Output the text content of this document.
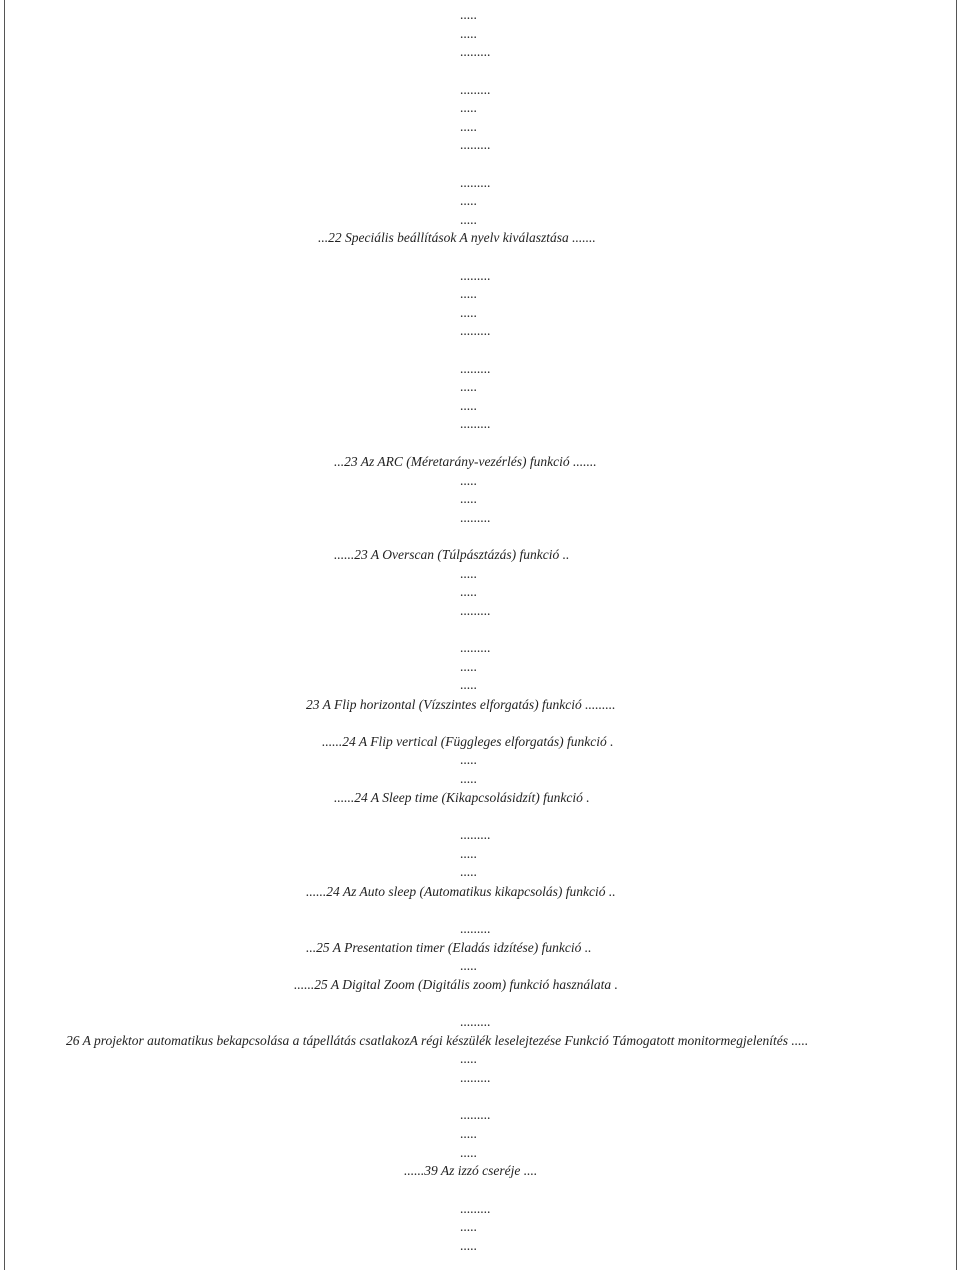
.....
.....
.........
.........
.....
.....
.........
.........
.....
.....
...22 Speciális beállítások A nyelv kiválasztása .......
.........
.....
.....
.........
.........
.....
.....
.........
...23 Az ARC (Méretarány-vezérlés) funkció .......
.....
.....
.........
......23 A Overscan (Túlpásztázás) funkció ..
.....
.....
.........
.........
.....
.....
23 A Flip horizontal (Vízszintes elforgatás) funkció .........
......24 A Flip vertical (Függleges elforgatás) funkció .
.....
.....
......24 A Sleep time (Kikapcsolásidzít) funkció .
.........
.....
.....
......24 Az Auto sleep (Automatikus kikapcsolás) funkció ..
.........
...25 A Presentation timer (Eladás idzítése) funkció ..
.....
......25 A Digital Zoom (Digitális zoom) funkció használata .
.........
26 A projektor automatikus bekapcsolása a tápellátás csatlakozA régi készülék leselejtezése Funkció Támogatott monitormegjelenítés .....
.....
.........
.........
.....
.....
......39 Az izzó cseréje ....
.........
.....
.....
